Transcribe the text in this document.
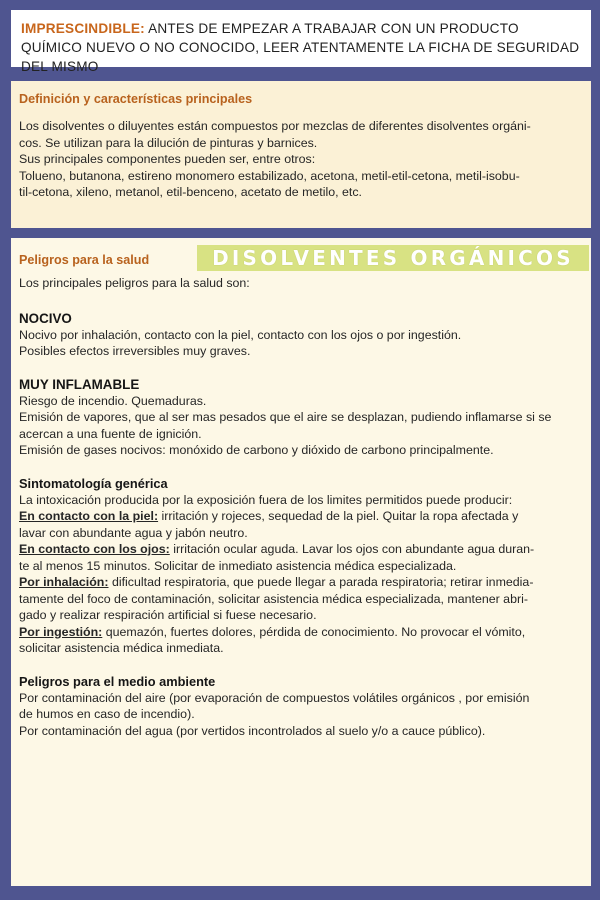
IMPRESCINDIBLE: ANTES DE EMPEZAR A TRABAJAR CON UN PRODUCTO QUÍMICO NUEVO O NO CONOCIDO, LEER ATENTAMENTE LA FICHA DE SEGURIDAD DEL MISMO
Definición y características principales

Los disolventes o diluyentes están compuestos por mezclas de diferentes disolventes orgáni-

cos. Se utilizan para la dilución de pinturas y barnices.

Sus principales componentes pueden ser, entre otros:

Tolueno, butanona, estireno monomero estabilizado, acetona, metil-etil-cetona, metil-isobu-

til-cetona, xileno, metanol, etil-benceno, acetato de metilo, etc.

Peligros para la salud	DISOLVENTES ORGÁNICOS

Los principales peligros para la salud son:

NOCIVO

Nocivo por inhalación, contacto con la piel, contacto con los ojos o por ingestión.

Posibles efectos irreversibles muy graves.

MUY INFLAMABLE

Riesgo de incendio. Quemaduras.

Emisión de vapores, que al ser mas pesados que el aire se desplazan, pudiendo inflamarse si se

acercan a una fuente de ignición.

Emisión de gases nocivos: monóxido de carbono y dióxido de carbono principalmente.

Sintomatología genérica

La intoxicación producida por la exposición fuera de los limites permitidos puede producir:

En contacto con la piel: irritación y rojeces, sequedad de la piel. Quitar la ropa afectada y

lavar con abundante agua y jabón neutro.

En contacto con los ojos: irritación ocular aguda. Lavar los ojos con abundante agua duran-

te al menos 15 minutos. Solicitar de inmediato asistencia médica especializada.

Por inhalación: dificultad respiratoria, que puede llegar a parada respiratoria; retirar inmedia-

tamente del foco de contaminación, solicitar asistencia médica especializada, mantener abri-

gado y realizar respiración artificial si fuese necesario.

Por ingestión: quemazón, fuertes dolores, pérdida de conocimiento. No provocar el vómito,

solicitar asistencia médica inmediata.

Peligros para el medio ambiente

Por contaminación del aire (por evaporación de compuestos volátiles orgánicos , por emisión

de humos en caso de incendio).

Por contaminación del agua (por vertidos incontrolados al suelo y/o a cauce público).
